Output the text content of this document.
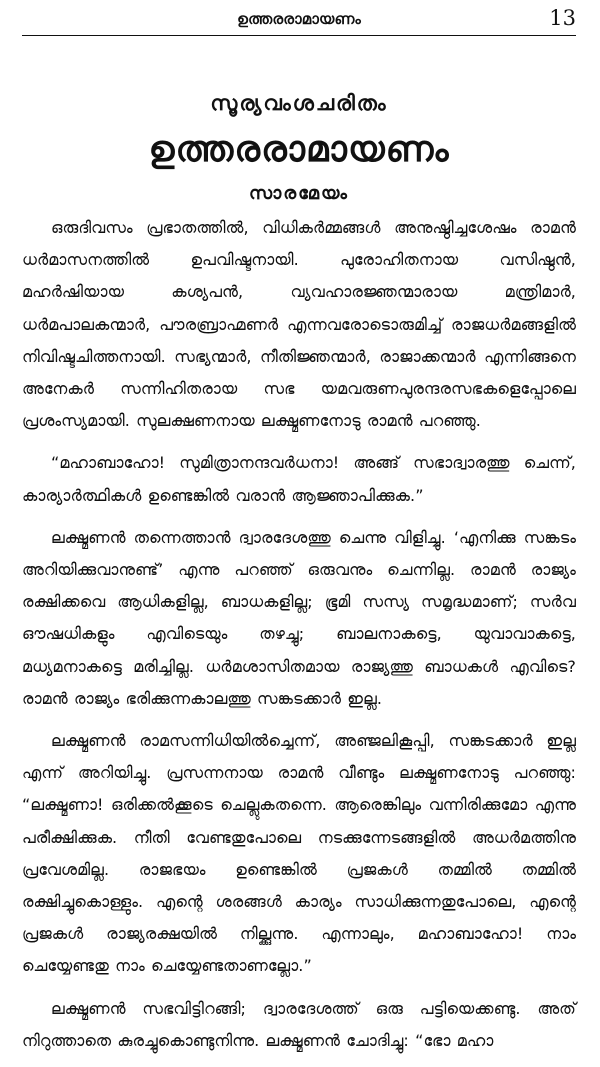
ഉത്തരരാമായണം	13
സൂര്യവംശചരിതം
ഉത്തരരാമായണം
സാരമേയം

ഒരുദിവസം പ്രഭാതത്തിൽ, വിധികർമ്മങ്ങൾ അനുഷ്ഠിച്ചശേഷം രാമൻ ധർമാസനത്തിൽ ഉപവിഷ്ടനായി. പുരോഹിതനായ വസിഷ്ഠൻ, മഹർഷിയായ കശ്യപൻ, വ്യവഹാരജ്ഞന്മാരായ മന്ത്രിമാർ, ധർമപാലകന്മാർ, പൗരബ്രാഹ്മണർ എന്നവരോടൊരുമിച്ച് രാജധർമങ്ങളിൽ നിവിഷ്ടചിത്തനായി. സഭ്യന്മാർ, നീതിജ്ഞന്മാർ, രാജാക്കന്മാർ എന്നിങ്ങനെ അനേകർ സന്നിഹിതരായ സഭ യമവരുണപുരന്ദരസഭകളെപ്പോലെ പ്രശംസ്യമായി. സുലക്ഷണനായ ലക്ഷ്മണനോടു രാമൻ പറഞ്ഞു.

“മഹാബാഹോ! സുമിത്രാനന്ദവർധനാ! അങ്ങ് സഭാദ്വാരത്തു ചെന്ന്, കാര്യാർത്ഥികൾ ഉണ്ടെങ്കിൽ വരാൻ ആജ്ഞാപിക്കുക.”

ലക്ഷ്മണൻ തന്നെത്താൻ ദ്വാരദേശത്തു ചെന്നു വിളിച്ചു. ‘എനിക്കു സങ്കടം അറിയിക്കുവാനുണ്ട്’ എന്നു പറഞ്ഞ് ഒരുവനും ചെന്നില്ല. രാമൻ രാജ്യം രക്ഷിക്കവെ ആധികളില്ല, ബാധകളില്ല; ഭൂമി സസ്യ സമൃദ്ധമാണ്; സർവ ഔഷധികളും എവിടെയും തഴച്ചു; ബാലനാകട്ടെ, യുവാവാകട്ടെ, മധ്യമനാകട്ടെ മരിച്ചില്ല. ധർമശാസിതമായ രാജ്യത്തു ബാധകൾ എവിടെ? രാമൻ രാജ്യം ഭരിക്കുന്നകാലത്തു സങ്കടക്കാർ ഇല്ല.

ലക്ഷ്മണൻ രാമസന്നിധിയിൽച്ചെന്ന്, അഞ്ജലികൂപ്പി, സങ്കടക്കാർ ഇല്ല എന്ന് അറിയിച്ചു. പ്രസന്നനായ രാമൻ വീണ്ടും ലക്ഷ്മണനോടു പറഞ്ഞു: “ലക്ഷ്മണാ! ഒരിക്കൽക്കൂടെ ചെല്ലുകതന്നെ. ആരെങ്കിലും വന്നിരിക്കുമോ എന്നു പരീക്ഷിക്കുക. നീതി വേണ്ടതുപോലെ നടക്കുന്നേടങ്ങളിൽ അധർമത്തിനു പ്രവേശമില്ല. രാജഭയം ഉണ്ടെങ്കിൽ പ്രജകൾ തമ്മിൽ തമ്മിൽ രക്ഷിച്ചുകൊള്ളും. എന്റെ ശരങ്ങൾ കാര്യം സാധിക്കുന്നതുപോലെ, എന്റെ പ്രജകൾ രാജ്യരക്ഷയിൽ നില്ക്കുന്നു. എന്നാലും, മഹാബാഹോ! നാം ചെയ്യേണ്ടതു നാം ചെയ്യേണ്ടതാണല്ലോ.”

ലക്ഷ്മണൻ സഭവിട്ടിറങ്ങി; ദ്വാരദേശത്ത് ഒരു പട്ടിയെക്കണ്ടു. അത് നിറുത്താതെ കുരച്ചുകൊണ്ടുനിന്നു. ലക്ഷ്മണൻ ചോദിച്ചു: “ഭോ മഹാ
